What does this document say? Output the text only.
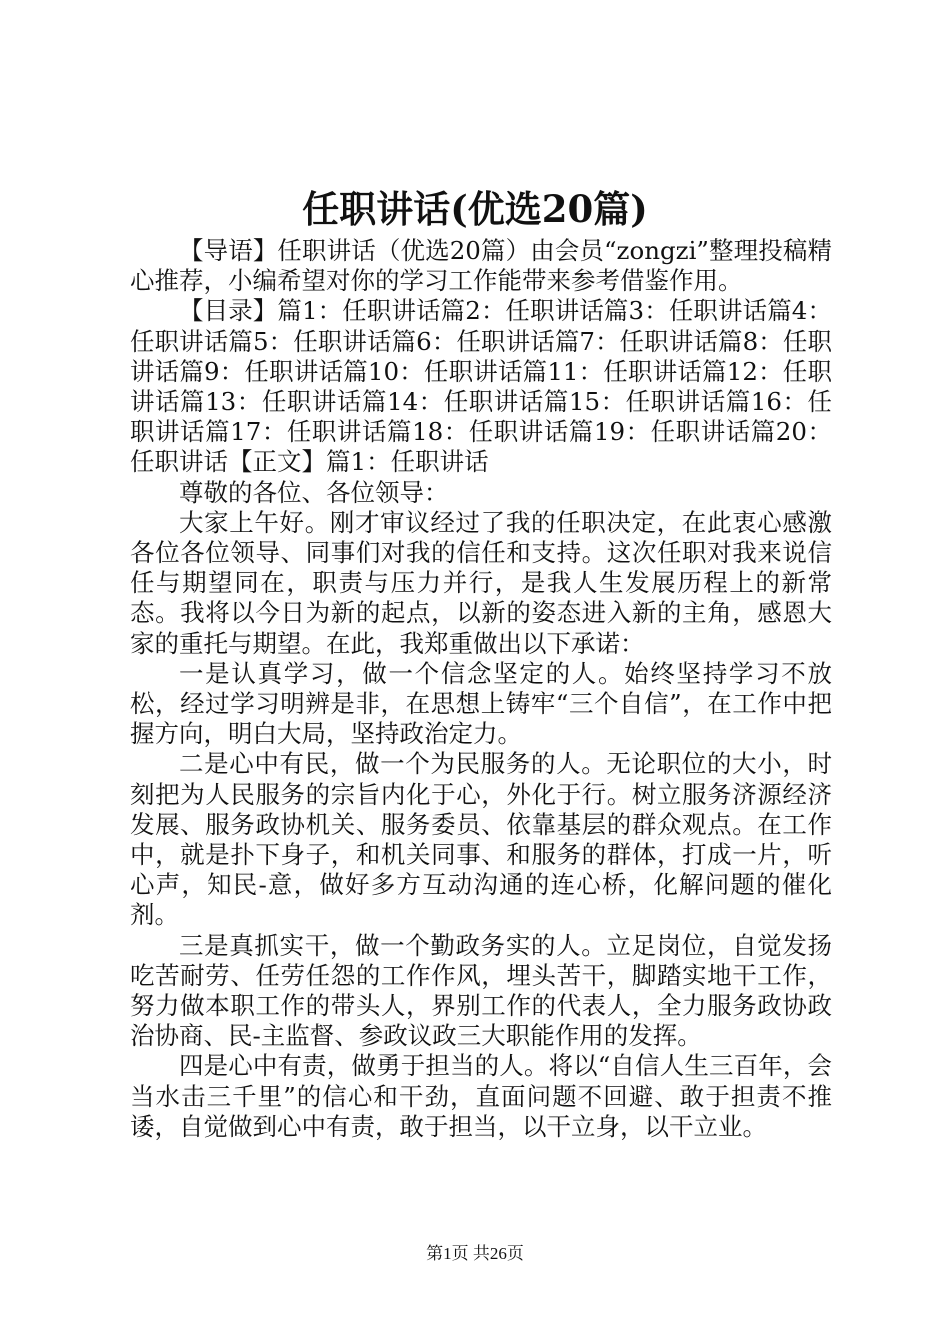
任职讲话(优选20篇)

【导语】任职讲话（优选20篇）由会员“zongzi”整理投稿精心推荐，小编希望对你的学习工作能带来参考借鉴作用。

【目录】篇1：任职讲话篇2：任职讲话篇3：任职讲话篇4：任职讲话篇5：任职讲话篇6：任职讲话篇7：任职讲话篇8：任职讲话篇9：任职讲话篇10：任职讲话篇11：任职讲话篇12：任职讲话篇13：任职讲话篇14：任职讲话篇15：任职讲话篇16：任职讲话篇17：任职讲话篇18：任职讲话篇19：任职讲话篇20：任职讲话【正文】篇1：任职讲话

尊敬的各位、各位领导：

大家上午好。刚才审议经过了我的任职决定，在此衷心感激各位各位领导、同事们对我的信任和支持。这次任职对我来说信任与期望同在，职责与压力并行，是我人生发展历程上的新常态。我将以今日为新的起点，以新的姿态进入新的主角，感恩大家的重托与期望。在此，我郑重做出以下承诺：

一是认真学习，做一个信念坚定的人。始终坚持学习不放松，经过学习明辨是非，在思想上铸牢“三个自信”，在工作中把握方向，明白大局，坚持政治定力。

二是心中有民，做一个为民服务的人。无论职位的大小，时刻把为人民服务的宗旨内化于心，外化于行。树立服务济源经济发展、服务政协机关、服务委员、依靠基层的群众观点。在工作中，就是扑下身子，和机关同事、和服务的群体，打成一片，听心声，知民-意，做好多方互动沟通的连心桥，化解问题的催化剂。

三是真抓实干，做一个勤政务实的人。立足岗位，自觉发扬吃苦耐劳、任劳任怨的工作作风，埋头苦干，脚踏实地干工作，努力做本职工作的带头人，界别工作的代表人，全力服务政协政治协商、民-主监督、参政议政三大职能作用的发挥。

四是心中有责，做勇于担当的人。将以“自信人生三百年，会当水击三千里”的信心和干劲，直面问题不回避、敢于担责不推诿，自觉做到心中有责，敢于担当，以干立身，以干立业。

第1页 共26页
